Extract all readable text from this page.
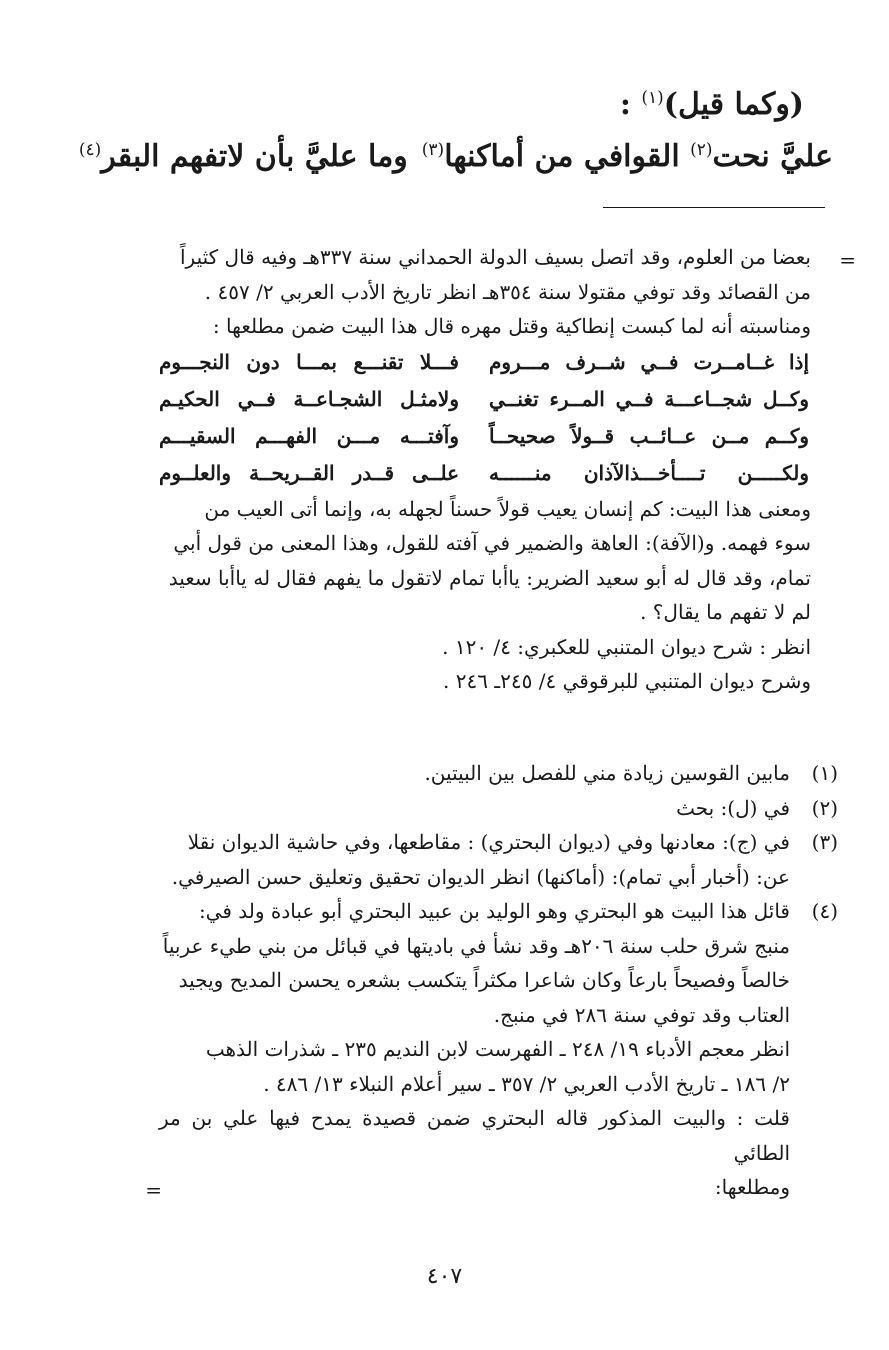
(وكما قيل)$^{(١)}$ :
عليَّ نحت$^{(٢)}$ القوافي من أماكنها$^{(٣)}$وما عليَّ بأن لاتفهم البقر$^{(٤)}$
=
=

بعضا من العلوم، وقد اتصل بسيف الدولة الحمداني سنة ٣٣٧هـ وفيه قال كثيراً

من القصائد وقد توفي مقتولا سنة ٣٥٤هـ انظر تاريخ الأدب العربي ٢/ ٤٥٧ .

ومناسبته أنه لما كبست إنطاكية وقتل مهره قال هذا البيت ضمن مطلعها :

إذا غــامــرت فــي شــرف مـــروم
فـــلا تقنـــع بمـــا دون النجـــوم
وكــل شجــاعـــة فــي المــرء تغنــي
ولامثـل الشجـاعــة فــي الحكيـم
وكــم مــن عــائــب قــولاً صحيحــاً
وآفتـــه مـــن الفهـــم السقيـــم
ولكـــــن تــــأخـــذالآذان منــــــه
علــى قــدر القــريحــة والعلــوم

ومعنى هذا البيت: كم إنسان يعيب قولاً حسناً لجهله به، وإنما أتى العيب من

سوء فهمه. و(الآفة): العاهة والضمير في آفته للقول، وهذا المعنى من قول أبي

تمام، وقد قال له أبو سعيد الضرير: ياأبا تمام لاتقول ما يفهم فقال له ياأبا سعيد

لم لا تفهم ما يقال؟ .

انظر : شرح ديوان المتنبي للعكبري: ٤/ ١٢٠ .

وشرح ديوان المتنبي للبرقوقي ٤/ ٢٤٥ـ ٢٤٦ .

(١)

مابين القوسين زيادة مني للفصل بين البيتين.

(٢)

في (ل): بحث

(٣)

في (ج): معادنها وفي (ديوان البحتري) : مقاطعها، وفي حاشية الديوان نقلا

عن: (أخبار أبي تمام): (أماكنها) انظر الديوان تحقيق وتعليق حسن الصيرفي.

(٤)

قائل هذا البيت هو البحتري وهو الوليد بن عبيد البحتري أبو عبادة ولد في:

منبج شرق حلب سنة ٢٠٦هـ وقد نشأ في باديتها في قبائل من بني طيء عربياً

خالصاً وفصيحاً بارعاً وكان شاعرا مكثراً يتكسب بشعره يحسن المديح ويجيد

العتاب وقد توفي سنة ٢٨٦ في منبج.

انظر معجم الأدباء ١٩/ ٢٤٨ ـ الفهرست لابن النديم ٢٣٥ ـ شذرات الذهب

٢/ ١٨٦ ـ تاريخ الأدب العربي ٢/ ٣٥٧ ـ سير أعلام النبلاء ١٣/ ٤٨٦ .

قلت : والبيت المذكور قاله البحتري ضمن قصيدة يمدح فيها علي بن مر الطائي

ومطلعها:

٤٠٧
